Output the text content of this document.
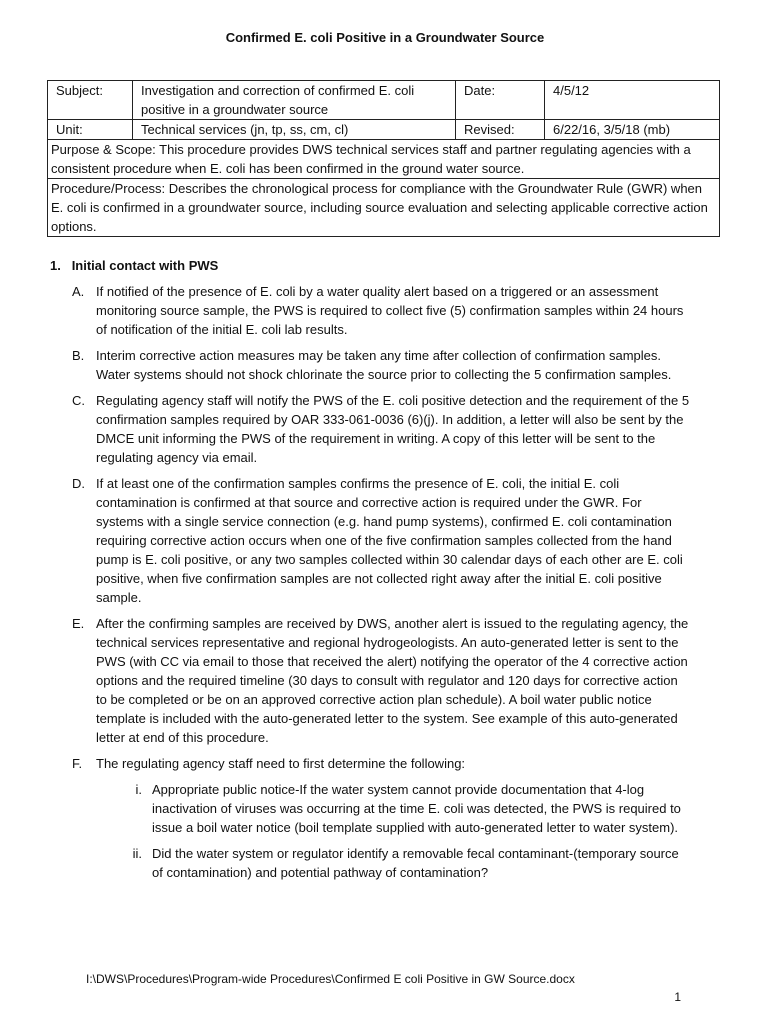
Confirmed E. coli Positive in a Groundwater Source
Subject:	Investigation and correction of confirmed E. coli positive in a groundwater source	Date:	4/5/12
Unit:	Technical services (jn, tp, ss, cm, cl)	Revised:	6/22/16, 3/5/18 (mb)
Purpose & Scope: This procedure provides DWS technical services staff and partner regulating agencies with a consistent procedure when E. coli has been confirmed in the ground water source.			
Procedure/Process: Describes the chronological process for compliance with the Groundwater Rule (GWR) when E. coli is confirmed in a groundwater source, including source evaluation and selecting applicable corrective action options.			
1. Initial contact with PWS
A. If notified of the presence of E. coli by a water quality alert based on a triggered or an assessment monitoring source sample, the PWS is required to collect five (5) confirmation samples within 24 hours of notification of the initial E. coli lab results.
B. Interim corrective action measures may be taken any time after collection of confirmation samples. Water systems should not shock chlorinate the source prior to collecting the 5 confirmation samples.
C. Regulating agency staff will notify the PWS of the E. coli positive detection and the requirement of the 5 confirmation samples required by OAR 333-061-0036 (6)(j). In addition, a letter will also be sent by the DMCE unit informing the PWS of the requirement in writing. A copy of this letter will be sent to the regulating agency via email.
D. If at least one of the confirmation samples confirms the presence of E. coli, the initial E. coli contamination is confirmed at that source and corrective action is required under the GWR. For systems with a single service connection (e.g. hand pump systems), confirmed E. coli contamination requiring corrective action occurs when one of the five confirmation samples collected from the hand pump is E. coli positive, or any two samples collected within 30 calendar days of each other are E. coli positive, when five confirmation samples are not collected right away after the initial E. coli positive sample.
E. After the confirming samples are received by DWS, another alert is issued to the regulating agency, the technical services representative and regional hydrogeologists. An auto-generated letter is sent to the PWS (with CC via email to those that received the alert) notifying the operator of the 4 corrective action options and the required timeline (30 days to consult with regulator and 120 days for corrective action to be completed or be on an approved corrective action plan schedule). A boil water public notice template is included with the auto-generated letter to the system. See example of this auto-generated letter at end of this procedure.
F.	The regulating agency staff need to first determine the following:
i. Appropriate public notice-If the water system cannot provide documentation that 4-log inactivation of viruses was occurring at the time E. coli was detected, the PWS is required to issue a boil water notice (boil template supplied with auto-generated letter to water system).
ii. Did the water system or regulator identify a removable fecal contaminant-(temporary source of contamination) and potential pathway of contamination?
I:\DWS\Procedures\Program-wide Procedures\Confirmed E coli Positive in GW Source.docx
1
